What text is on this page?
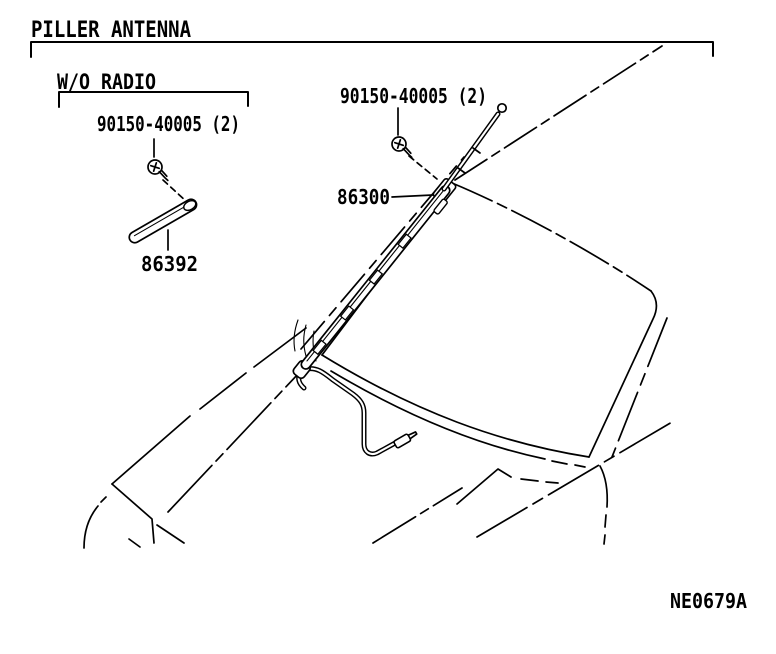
PILLER ANTENNA
W/O RADIO
90150-40005 (2)
90150-40005 (2)
86300
86392
NE0679A
